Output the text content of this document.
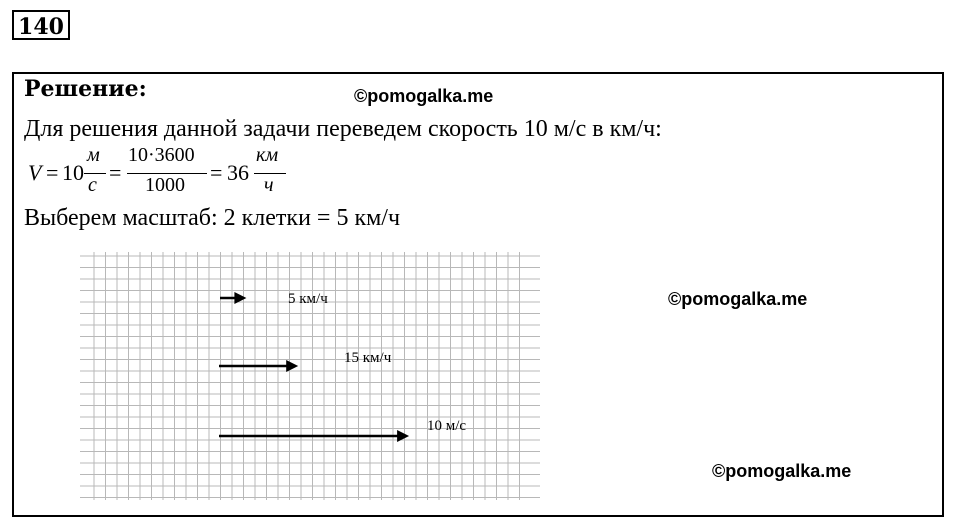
140
Решение:	©pomogalka.me
Для решения данной задачи переведем скорость 10 м/с в км/ч:
V = 10
м
с =
10·3600
1000 = 36
км
ч
Выберем масштаб: 2 клетки = 5 км/ч
5 км/ч
15 км/ч
10 м/с
©pomogalka.me
©pomogalka.me
